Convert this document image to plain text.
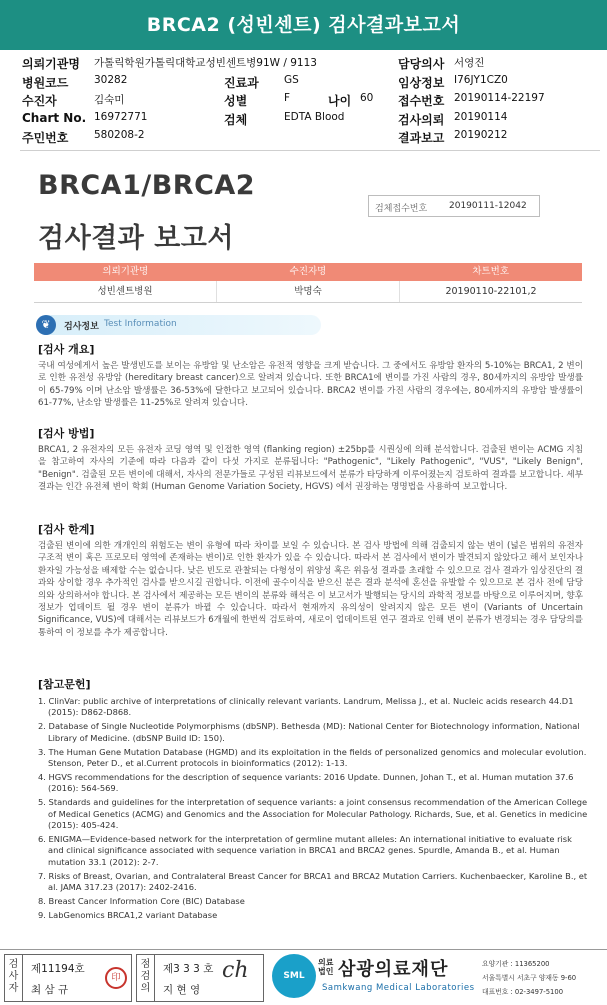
BRCA2 (성빈센트) 검사결과보고서
의뢰기관명 가톨릭학원가톨릭대학교성빈센트병91W / 9113	담당의사 서영진
병원코드 30282	진료과 GS	임상정보 I76JY1CZ0
수진자	김숙미	성별	F	나이 60 접수번호 20190114-22197
Chart No. 16972771	검체	EDTA Blood	검사의뢰 20190114
주민번호 580208-2	결과보고 20190212
BRCA1/BRCA2
검사결과 보고서
검체접수번호 20190111-12042
의뢰기관명	수진자명	차트번호
성빈센트병원	박명숙	20190110-22101,2
❦	검사정보 Test Information
[검사 개요]
국내 여성에게서 높은 발생빈도를 보이는 유방암 및 난소암은 유전적 영향을 크게 받습니다. 그 중에서도 유방암 환자의 5-10%는 BRCA1, 2 변이로 인한 유전성 유방암 (hereditary breast cancer)으로 알려져 있습니다. 또한 BRCA1에 변이를 가진 사람의 경우, 80세까지의 유방암 발생률이 65-79% 이며 난소암 발생률은 36-53%에 달한다고 보고되어 있습니다. BRCA2 변이를 가진 사람의 경우에는, 80세까지의 유방암 발생률이 61-77%, 난소암 발생률은 11-25%로 알려져 있습니다.
[검사 방법]
BRCA1, 2 유전자의 모든 유전자 코딩 영역 및 인접한 영역 (flanking region) ±25bp를 시퀀싱에 의해 분석합니다. 검출된 변이는 ACMG 지침을 참고하여 자사의 기준에 따라 다음과 같이 다섯 가지로 분류됩니다: "Pathogenic", "Likely Pathogenic", "VUS", "Likely Benign", "Benign". 검출된 모든 변이에 대해서, 자사의 전문가들로 구성된 리뷰보드에서 분류가 타당하게 이루어졌는지 검토하여 결과를 보고합니다. 세부결과는 인간 유전체 변이 학회 (Human Genome Variation Society, HGVS) 에서 권장하는 명명법을 사용하여 보고합니다.
[검사 한계]
검출된 변이에 의한 개개인의 위험도는 변이 유형에 따라 차이를 보일 수 있습니다. 본 검사 방법에 의해 검출되지 않는 변이 (넓은 범위의 유전자 구조적 변이 혹은 프로모터 영역에 존재하는 변이)로 인한 환자가 있을 수 있습니다. 따라서 본 검사에서 변이가 발견되지 않았다고 해서 보인자나 환자일 가능성을 배제할 수는 없습니다. 낮은 빈도로 관찰되는 다형성이 위양성 혹은 위음성 결과를 초래할 수 있으므로 검사 결과가 임상진단의 결과와 상이할 경우 추가적인 검사를 받으시길 권합니다. 이전에 골수이식을 받으신 분은 결과 분석에 혼선을 유발할 수 있으므로 본 검사 전에 담당의와 상의하셔야 합니다. 본 검사에서 제공하는 모든 변이의 분류와 해석은 이 보고서가 발행되는 당시의 과학적 정보를 바탕으로 이루어지며, 향후 정보가 업데이트 될 경우 변이 분류가 바뀔 수 있습니다. 따라서 현재까지 유의성이 알려지지 않은 모든 변이 (Variants of Uncertain Significance, VUS)에 대해서는 리뷰보드가 6개월에 한번씩 검토하여, 새로이 업데이트된 연구 결과로 인해 변이 분류가 변경되는 경우 담당의를 통하여 이 정보를 추가 제공합니다.
[참고문헌]
1. ClinVar: public archive of interpretations of clinically relevant variants. Landrum, Melissa J., et al. Nucleic acids research 44.D1 (2015): D862-D868.
2. Database of Single Nucleotide Polymorphisms (dbSNP). Bethesda (MD): National Center for Biotechnology information, National Library of Medicine. (dbSNP Build ID: 150).
3. The Human Gene Mutation Database (HGMD) and its exploitation in the fields of personalized genomics and molecular evolution. Stenson, Peter D., et al.Current protocols in bioinformatics (2012): 1-13.
4. HGVS recommendations for the description of sequence variants: 2016 Update. Dunnen, Johan T., et al. Human mutation 37.6 (2016): 564-569.
5. Standards and guidelines for the interpretation of sequence variants: a joint consensus recommendation of the American College of Medical Genetics (ACMG) and Genomics and the Association for Molecular Pathology. Richards, Sue, et al. Genetics in medicine (2015): 405-424.
6. ENIGMA—Evidence-based network for the interpretation of germline mutant alleles: An international initiative to evaluate risk and clinical significance associated with sequence variation in BRCA1 and BRCA2 genes. Spurdle, Amanda B., et al. Human mutation 33.1 (2012): 2-7.
7. Risks of Breast, Ovarian, and Contralateral Breast Cancer for BRCA1 and BRCA2 Mutation Carriers. Kuchenbaecker, Karoline B., et al. JAMA 317.23 (2017): 2402-2416.
8. Breast Cancer Information Core (BIC) Database
9. LabGenomics BRCA1,2 variant Database
검사자
제11194호
최 삼 규
印
점검의
제3 3 3 호
지 현 영
ch	SML
의료법인 삼광의료재단
Samkwang Medical Laboratories
요양기관 : 11365200
서울특별시 서초구 양재동 9-60
대표번호 : 02-3497-5100
